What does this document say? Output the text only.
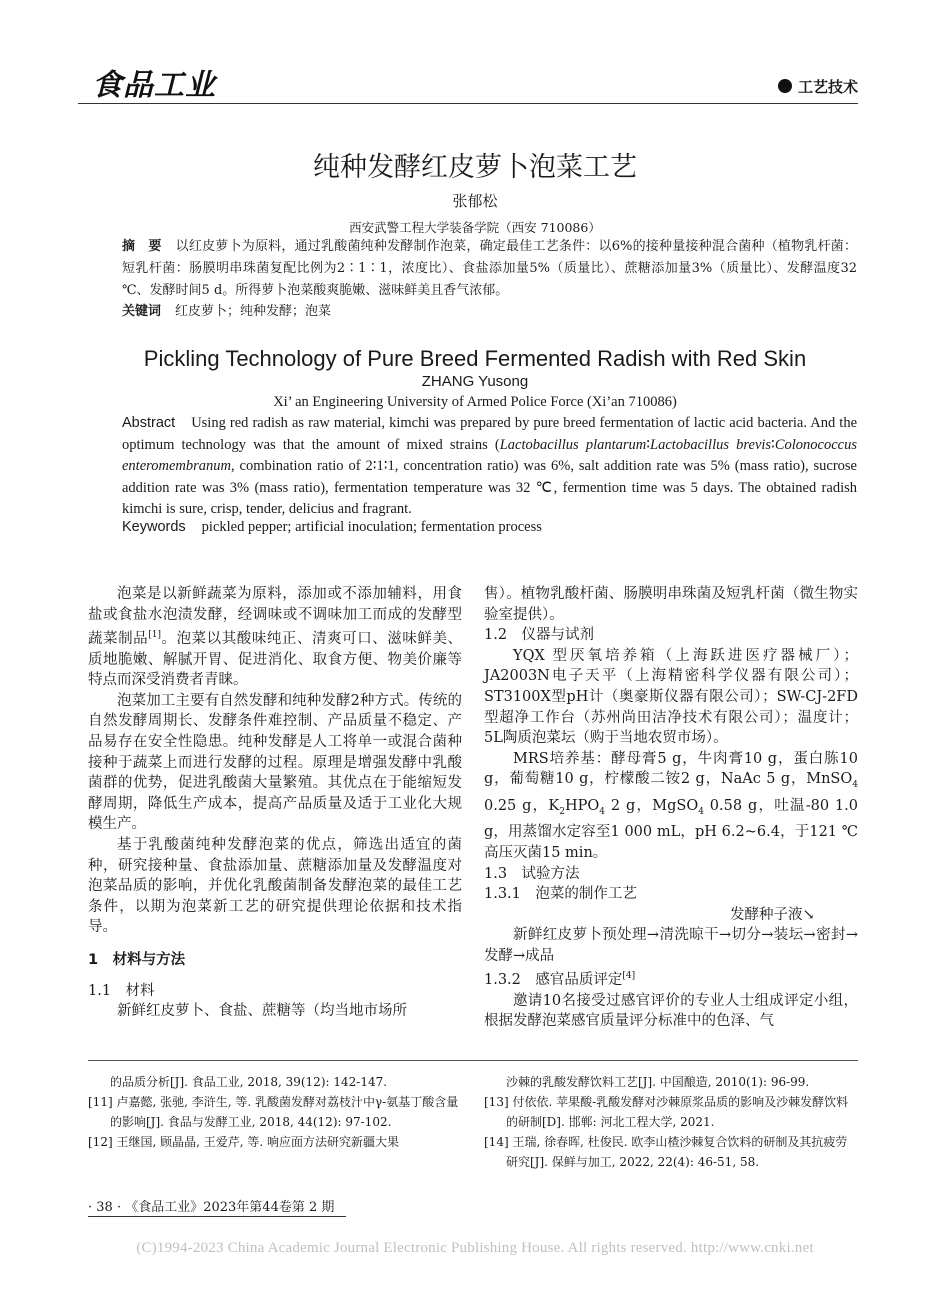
食品工业	工艺技术
纯种发酵红皮萝卜泡菜工艺
张郁松
西安武警工程大学装备学院（西安 710086）
摘　要 以红皮萝卜为原料，通过乳酸菌纯种发酵制作泡菜，确定最佳工艺条件：以6%的接种量接种混合菌种（植物乳杆菌：短乳杆菌：肠膜明串珠菌复配比例为2∶1∶1，浓度比）、食盐添加量5%（质量比）、蔗糖添加量3%（质量比）、发酵温度32 ℃、发酵时间5 d。所得萝卜泡菜酸爽脆嫩、滋味鲜美且香气浓郁。
关键词 红皮萝卜；纯种发酵；泡菜
Pickling Technology of Pure Breed Fermented Radish with Red Skin
ZHANG Yusong
Xi’ an Engineering University of Armed Police Force (Xi’an 710086)
Abstract Using red radish as raw material, kimchi was prepared by pure breed fermentation of lactic acid bacteria. And the optimum technology was that the amount of mixed strains (Lactobacillus plantarum∶Lactobacillus brevis∶Colonococcus enteromembranum, combination ratio of 2∶1∶1, concentration ratio) was 6%, salt addition rate was 5% (mass ratio), sucrose addition rate was 3% (mass ratio), fermentation temperature was 32 ℃, fermention time was 5 days. The obtained radish kimchi is sure, crisp, tender, delicius and fragrant.
Keywords pickled pepper; artificial inoculation; fermentation process

泡菜是以新鲜蔬菜为原料，添加或不添加辅料，用食盐或食盐水泡渍发酵，经调味或不调味加工而成的发酵型蔬菜制品[1]。泡菜以其酸味纯正、清爽可口、滋味鲜美、质地脆嫩、解腻开胃、促进消化、取食方便、物美价廉等特点而深受消费者青睐。

泡菜加工主要有自然发酵和纯种发酵2种方式。传统的自然发酵周期长、发酵条件难控制、产品质量不稳定、产品易存在安全性隐患。纯种发酵是人工将单一或混合菌种接种于蔬菜上而进行发酵的过程。原理是增强发酵中乳酸菌群的优势，促进乳酸菌大量繁殖。其优点在于能缩短发酵周期，降低生产成本，提高产品质量及适于工业化大规模生产。

基于乳酸菌纯种发酵泡菜的优点，筛选出适宜的菌种，研究接种量、食盐添加量、蔗糖添加量及发酵温度对泡菜品质的影响，并优化乳酸菌制备发酵泡菜的最佳工艺条件，以期为泡菜新工艺的研究提供理论依据和技术指导。

1　材料与方法

1.1　材料

新鲜红皮萝卜、食盐、蔗糖等（均当地市场所

售）。植物乳酸杆菌、肠膜明串珠菌及短乳杆菌（微生物实验室提供）。

1.2　仪器与试剂

YQX 型厌氧培养箱（上海跃进医疗器械厂）；JA2003N电子天平（上海精密科学仪器有限公司）；ST3100X型pH计（奥豪斯仪器有限公司）；SW-CJ-2FD型超净工作台（苏州尚田洁净技术有限公司）；温度计；5L陶质泡菜坛（购于当地农贸市场）。

MRS培养基：酵母膏5 g，牛肉膏10 g，蛋白胨10 g，葡萄糖10 g，柠檬酸二铵2 g，NaAc 5 g，MnSO$_4$ 0.25 g，$K_2HPO_4$ 2 g，MgSO$_4$ 0.58 g，吐温-80 1.0 g，用蒸馏水定容至1 000 mL，pH 6.2~6.4，于121 ℃高压灭菌15 min。

1.3　试验方法

1.3.1　泡菜的制作工艺

发酵种子液↘

新鲜红皮萝卜预处理→清洗晾干→切分→装坛→密封→发酵→成品

1.3.2　感官品质评定[4]

邀请10名接受过感官评价的专业人士组成评定小组，根据发酵泡菜感官质量评分标准中的色泽、气

的品质分析[J]. 食品工业, 2018, 39(12): 142-147.

[11] 卢嘉懿, 张驰, 李浒生, 等. 乳酸菌发酵对荔枝汁中γ-氨基丁酸含量的影响[J]. 食品与发酵工业, 2018, 44(12): 97-102.

[12] 王继国, 顾晶晶, 王爱芹, 等. 响应面方法研究新疆大果

沙棘的乳酸发酵饮料工艺[J]. 中国酿造, 2010(1): 96-99.

[13] 付依依. 苹果酸-乳酸发酵对沙棘原浆品质的影响及沙棘发酵饮料的研制[D]. 邯郸: 河北工程大学, 2021.

[14] 王瑞, 徐春晖, 杜俊民. 欧李山楂沙棘复合饮料的研制及其抗疲劳研究[J]. 保鲜与加工, 2022, 22(4): 46-51, 58.

· 38 · 《食品工业》2023年第44卷第 2 期
(C)1994-2023 China Academic Journal Electronic Publishing House. All rights reserved. http://www.cnki.net
